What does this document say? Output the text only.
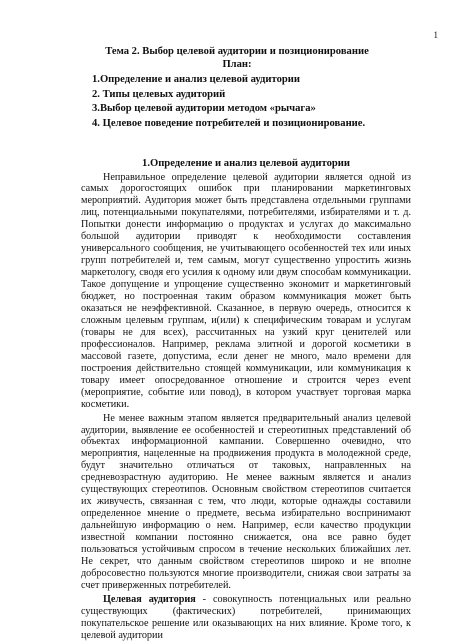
1
Тема 2. Выбор целевой аудитории и позиционирование
План:
1.Определение и анализ целевой аудитории
2. Типы целевых аудиторий
3.Выбор целевой аудитории методом «рычага»
4. Целевое поведение потребителей и позиционирование.
1.Определение и анализ целевой аудитории

Неправильное определение целевой аудитории является одной из самых дорогостоящих ошибок при планировании маркетинговых мероприятий. Аудитория может быть представлена отдельными группами лиц, потенциальными покупателями, потребителями, избирателями и т. д. Попытки донести информацию о продуктах и услугах до максимально большой аудитории приводят к необходимости составления универсального сообщения, не учитывающего особенностей тех или иных групп потребителей и, тем самым, могут существенно упростить жизнь маркетологу, сводя его усилия к одному или двум способам коммуникации. Такое допущение и упрощение существенно экономит и маркетинговый бюджет, но построенная таким образом коммуникация может быть оказаться не неэффективной. Сказанное, в первую очередь, относится к сложным целевым группам, и(или) к специфическим товарам и услугам (товары не для всех), рассчитанных на узкий круг ценителей или профессионалов. Например, реклама элитной и дорогой косметики в массовой газете, допустима, если денег не много, мало времени для построения действительно стоящей коммуникации, или коммуникация к товару имеет опосредованное отношение и строится через event (мероприятие, событие или повод), в котором участвует торговая марка косметики.

Не менее важным этапом является предварительный анализ целевой аудитории, выявление ее особенностей и стереотипных представлений об объектах информационной кампании. Совершенно очевидно, что мероприятия, нацеленные на продвижения продукта в молодежной среде, будут значительно отличаться от таковых, направленных на средневозрастную аудиторию. Не менее важным является и анализ существующих стереотипов. Основным свойством стереотипов считается их живучесть, связанная с тем, что люди, которые однажды составили определенное мнение о предмете, весьма избирательно воспринимают дальнейшую информацию о нем. Например, если качество продукции известной компании постоянно снижается, она все равно будет пользоваться устойчивым спросом в течение нескольких ближайших лет. Не секрет, что данным свойством стереотипов широко и не вполне добросовестно пользуются многие производители, снижая свои затраты за счет приверженных потребителей.

Целевая аудитория - совокупность потенциальных или реально существующих (фактических) потребителей, принимающих покупательское решение или оказывающих на них влияние. Кроме того, к целевой аудитории
